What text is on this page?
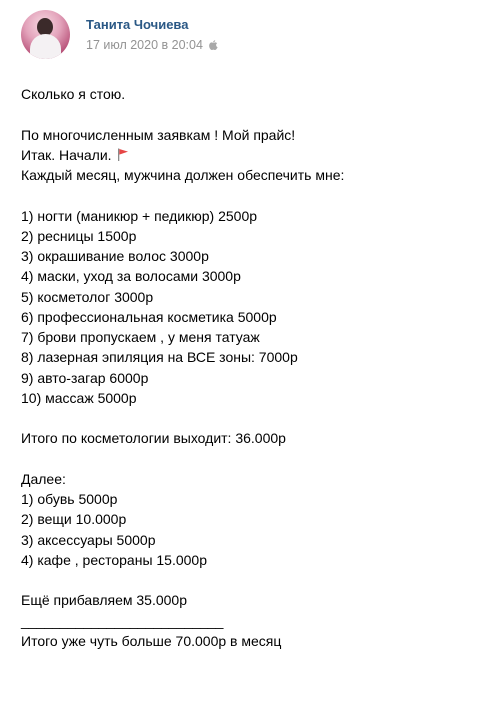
Танита Чочиева
17 июл 2020 в 20:04
Сколько я стою.
По многочисленным заявкам ! Мой прайс!
Итак. Начали.
Каждый месяц, мужчина должен обеспечить мне:
1) ногти (маникюр + педикюр) 2500р
2) ресницы 1500р
3) окрашивание волос 3000р
4) маски, уход за волосами 3000р
5) косметолог 3000р
6) профессиональная косметика 5000р
7) брови пропускаем , у меня татуаж
8) лазерная эпиляция на ВСЕ зоны: 7000р
9) авто-загар 6000р
10) массаж 5000р
Итого по косметологии выходит: 36.000р
Далее:
1) обувь 5000р
2) вещи 10.000р
3) аксессуары 5000р
4) кафе , рестораны 15.000р
Ещё прибавляем 35.000р
__________________________
Итого уже чуть больше 70.000р в месяц
